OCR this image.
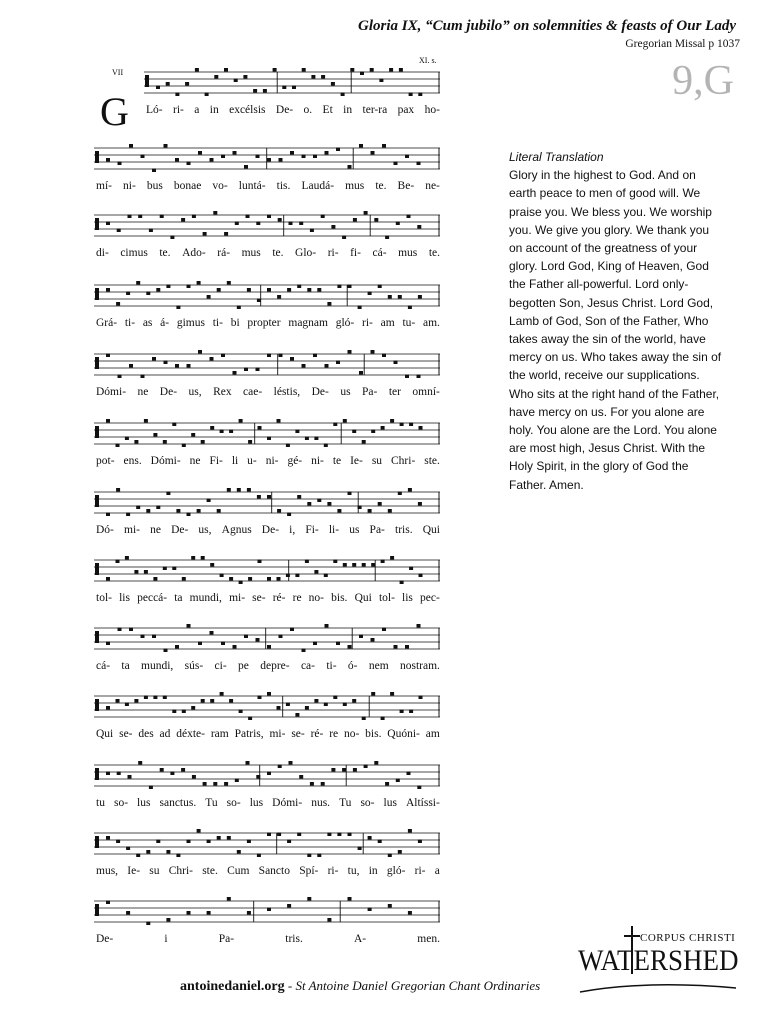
Gloria IX, “Cum jubilo” on solemnities & feasts of Our Lady
Gregorian Missal p 1037
9,G
VII
XI. s.
G Ló- ri- a in excélsis De- o. Et in ter-ra pax ho-
mí- ni- bus bonae vo- luntá- tis. Laudá- mus te. Be- ne-
di- cimus te. Ado- rá- mus te. Glo- ri- fi- cá- mus te.
Grá- ti- as á- gimus ti- bi propter magnam gló- ri- am tu- am.
Dómi- ne De- us, Rex cae- léstis, De- us Pa- ter omní-
pot- ens. Dómi- ne Fi- li u- ni- gé- ni- te Ie- su Chri- ste.
Dó- mi- ne De- us, Agnus De- i, Fi- li- us Pa- tris. Qui
tol- lis peccá- ta mundi, mi- se- ré- re no- bis. Qui tol- lis pec-
cá- ta mundi, sús- ci- pe depre- ca- ti- ó- nem nostram.
Qui se- des ad déxte- ram Patris, mi- se- ré- re no- bis. Quóni- am
tu so- lus sanctus. Tu so- lus Dómi- nus. Tu so- lus Altíssi-
mus, Ie- su Chri- ste. Cum Sancto Spí- ri- tu, in gló- ri- a
De-	i	Pa-	tris.	A-	men.
Literal Translation
Glory in the highest to God. And on earth peace to men of good will. We praise you. We bless you. We worship you. We give you glory. We thank you on account of the greatness of your glory. Lord God, King of Heaven, God the Father all-powerful. Lord only-begotten Son, Jesus Christ. Lord God, Lamb of God, Son of the Father, Who takes away the sin of the world, have mercy on us. Who takes away the sin of the world, receive our supplications. Who sits at the right hand of the Father, have mercy on us. For you alone are holy. You alone are the Lord. You alone are most high, Jesus Christ. With the Holy Spirit, in the glory of God the Father. Amen.
antoinedaniel.org - St Antoine Daniel Gregorian Chant Ordinaries
CORPUS CHRISTI
WATERSHED
